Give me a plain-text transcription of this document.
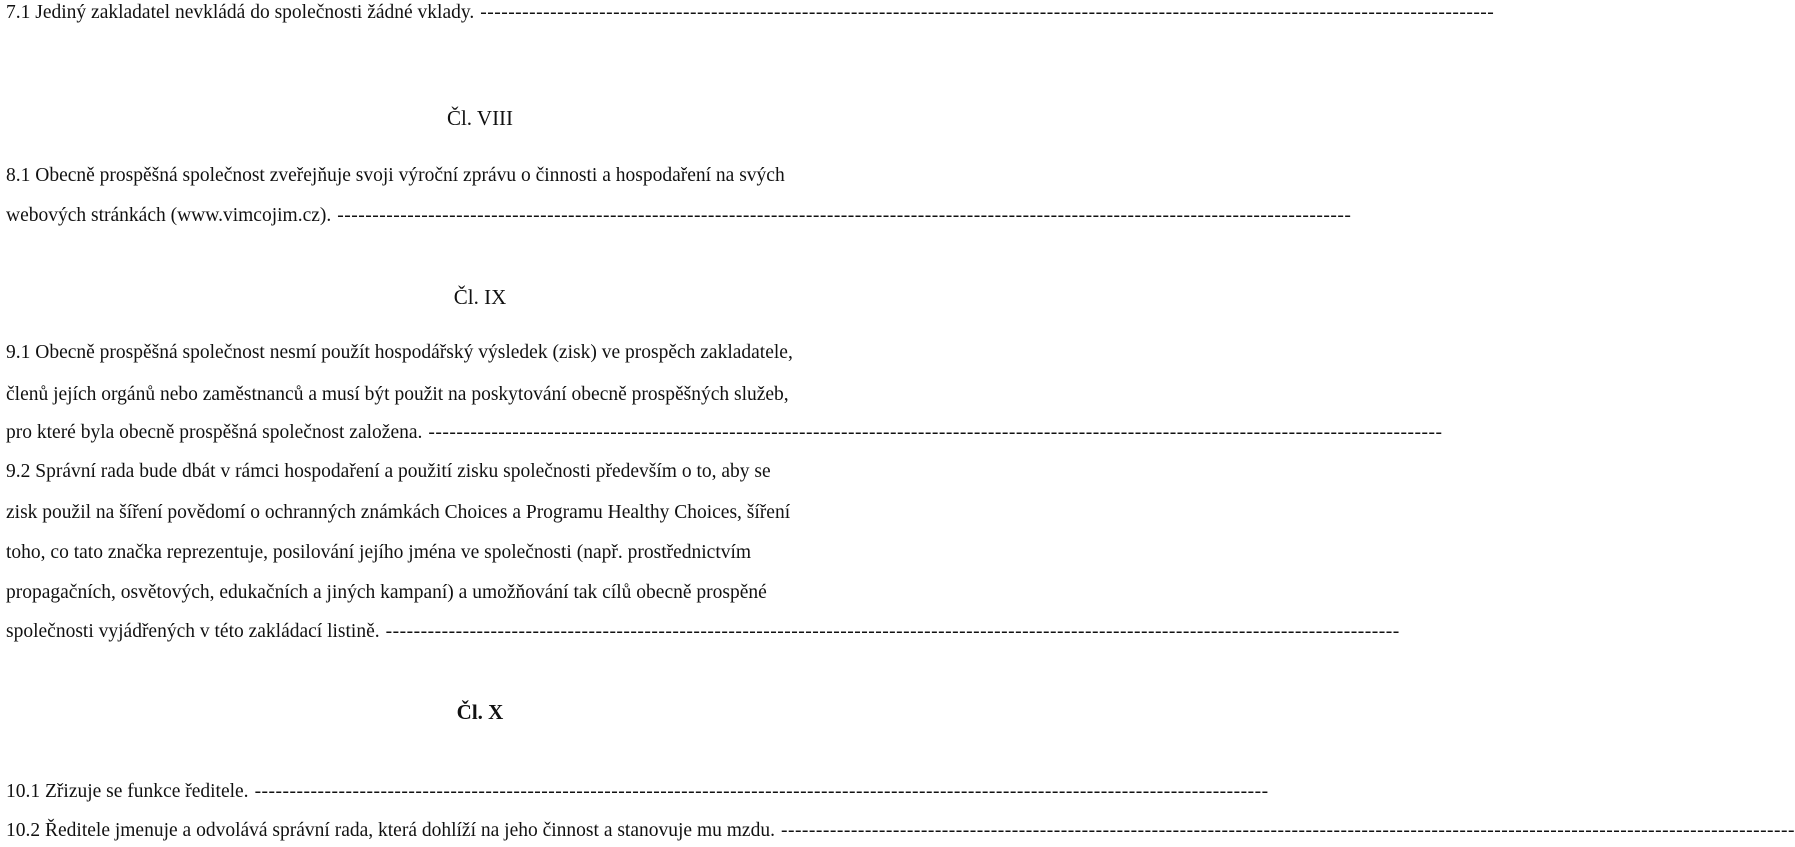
7.1 Jediný zakladatel nevkládá do společnosti žádné vklady. -------------------------------------------------------------------------------------------------------------------------------------------------
Čl. VIII
8.1 Obecně prospěšná společnost zveřejňuje svoji výroční zprávu o činnosti a hospodaření na svých
webových stránkách (www.vimcojim.cz). -------------------------------------------------------------------------------------------------------------------------------------------------
Čl. IX
9.1 Obecně prospěšná společnost nesmí použít hospodářský výsledek (zisk) ve prospěch zakladatele,
členů jejích orgánů nebo zaměstnanců a musí být použit na poskytování obecně prospěšných služeb,
pro které byla obecně prospěšná společnost založena. -------------------------------------------------------------------------------------------------------------------------------------------------
9.2 Správní rada bude dbát v rámci hospodaření a použití zisku společnosti především o to, aby se
zisk použil na šíření povědomí o ochranných známkách Choices a Programu Healthy Choices, šíření
toho, co tato značka reprezentuje, posilování jejího jména ve společnosti (např. prostřednictvím
propagačních, osvětových, edukačních a jiných kampaní) a umožňování tak cílů obecně prospěné
společnosti vyjádřených v této zakládací listině. -------------------------------------------------------------------------------------------------------------------------------------------------
Čl. X
10.1 Zřizuje se funkce ředitele. -------------------------------------------------------------------------------------------------------------------------------------------------
10.2 Ředitele jmenuje a odvolává správní rada, která dohlíží na jeho činnost a stanovuje mu mzdu. -------------------------------------------------------------------------------------------------------------------------------------------------
